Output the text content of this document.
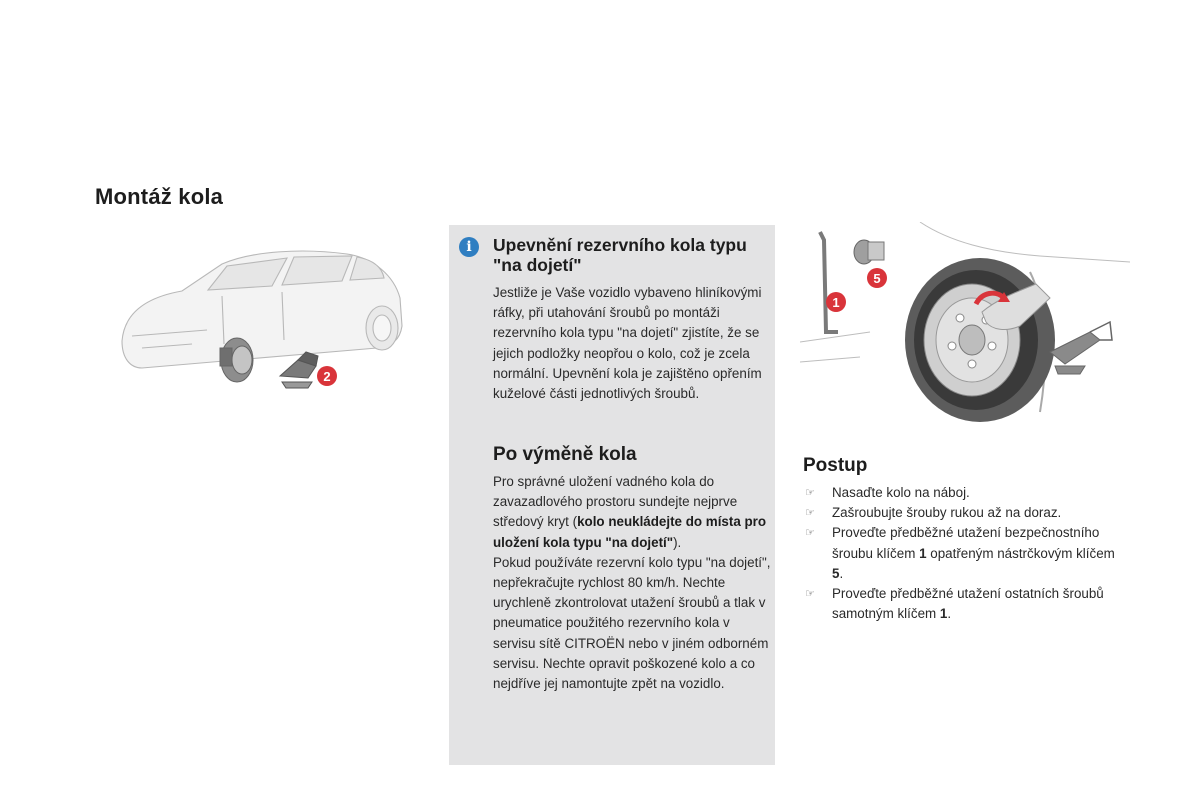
Montáž kola
2
i	Upevnění rezervního kola typu "na dojetí"

Jestliže je Vaše vozidlo vybaveno hliníkovými ráfky, při utahování šroubů po montáži rezervního kola typu "na dojetí" zjistíte, že se jejich podložky neopřou o kolo, což je zcela normální. Upevnění kola je zajištěno opřením kuželové části jednotlivých šroubů.

Po výměně kola

Pro správné uložení vadného kola do zavazadlového prostoru sundejte nejprve středový kryt (kolo neukládejte do místa pro uložení kola typu "na dojetí").
Pokud používáte rezervní kolo typu "na dojetí", nepřekračujte rychlost 80 km/h. Nechte urychleně zkontrolovat utažení šroubů a tlak v pneumatice použitého rezervního kola v servisu sítě CITROËN nebo v jiném odborném servisu. Nechte opravit poškozené kolo a co nejdříve jej namontujte zpět na vozidlo.

1
5
Postup
☞ Nasaďte kolo na náboj.
☞ Zašroubujte šrouby rukou až na doraz.
☞ Proveďte předběžné utažení bezpečnostního šroubu klíčem 1 opatřeným nástrčkovým klíčem 5.
☞ Proveďte předběžné utažení ostatních šroubů samotným klíčem 1.
